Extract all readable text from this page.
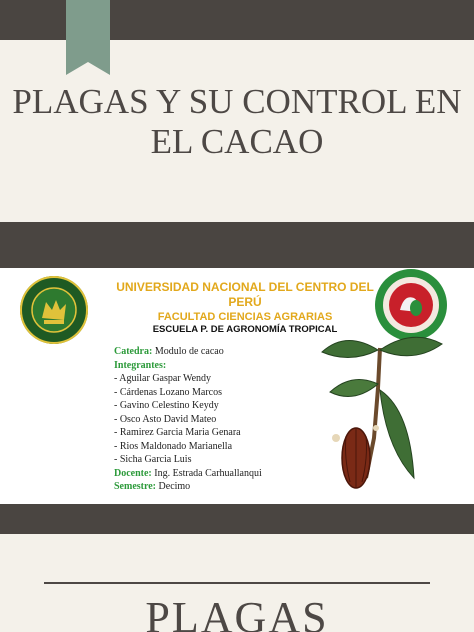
PLAGAS Y SU CONTROL EN EL CACAO
UNIVERSIDAD NACIONAL DEL CENTRO DEL PERÚ
FACULTAD CIENCIAS AGRARIAS
ESCUELA P. DE AGRONOMÍA TROPICAL
Catedra: Modulo de cacao
Integrantes:
- Aguilar Gaspar Wendy
- Cárdenas Lozano Marcos
- Gavino Celestino Keydy
- Osco Asto David Mateo
- Ramirez Garcia Maria Genara
- Rios Maldonado Marianella
- Sicha Garcia Luis
Docente: Ing. Estrada Carhuallanqui
Semestre: Decimo
PLAGAS
